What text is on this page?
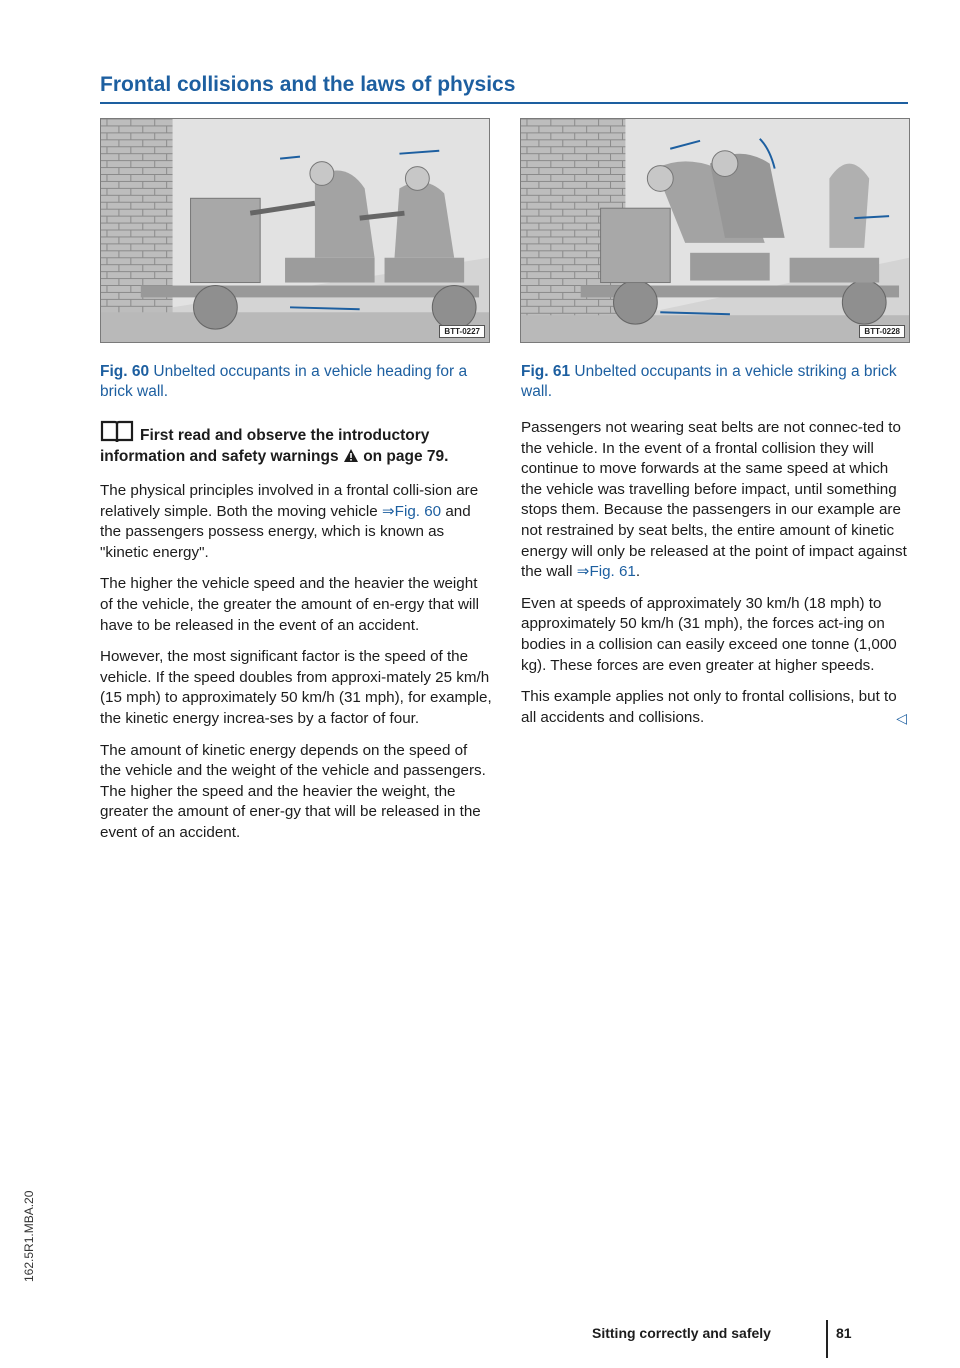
Frontal collisions and the laws of physics
BTT-0227	BTT-0228
Fig. 60 Unbelted occupants in a vehicle heading for a brick wall.
Fig. 61 Unbelted occupants in a vehicle striking a brick wall.
First read and observe the introductory information and safety warnings on page 79.

The physical principles involved in a frontal colli-sion are relatively simple. Both the moving vehicle ⇒Fig. 60 and the passengers possess energy, which is known as "kinetic energy".

The higher the vehicle speed and the heavier the weight of the vehicle, the greater the amount of en-ergy that will have to be released in the event of an accident.

However, the most significant factor is the speed of the vehicle. If the speed doubles from approxi-mately 25 km/h (15 mph) to approximately 50 km/h (31 mph), for example, the kinetic energy increa-ses by a factor of four.

The amount of kinetic energy depends on the speed of the vehicle and the weight of the vehicle and passengers. The higher the speed and the heavier the weight, the greater the amount of ener-gy that will be released in the event of an accident.

Passengers not wearing seat belts are not connec-ted to the vehicle. In the event of a frontal collision they will continue to move forwards at the same speed at which the vehicle was travelling before impact, until something stops them. Because the passengers in our example are not restrained by seat belts, the entire amount of kinetic energy will only be released at the point of impact against the wall ⇒Fig. 61.

Even at speeds of approximately 30 km/h (18 mph) to approximately 50 km/h (31 mph), the forces act-ing on bodies in a collision can easily exceed one tonne (1,000 kg). These forces are even greater at higher speeds.

This example applies not only to frontal collisions, but to all accidents and collisions.	◁

162.5R1.MBA.20
Sitting correctly and safely	81
